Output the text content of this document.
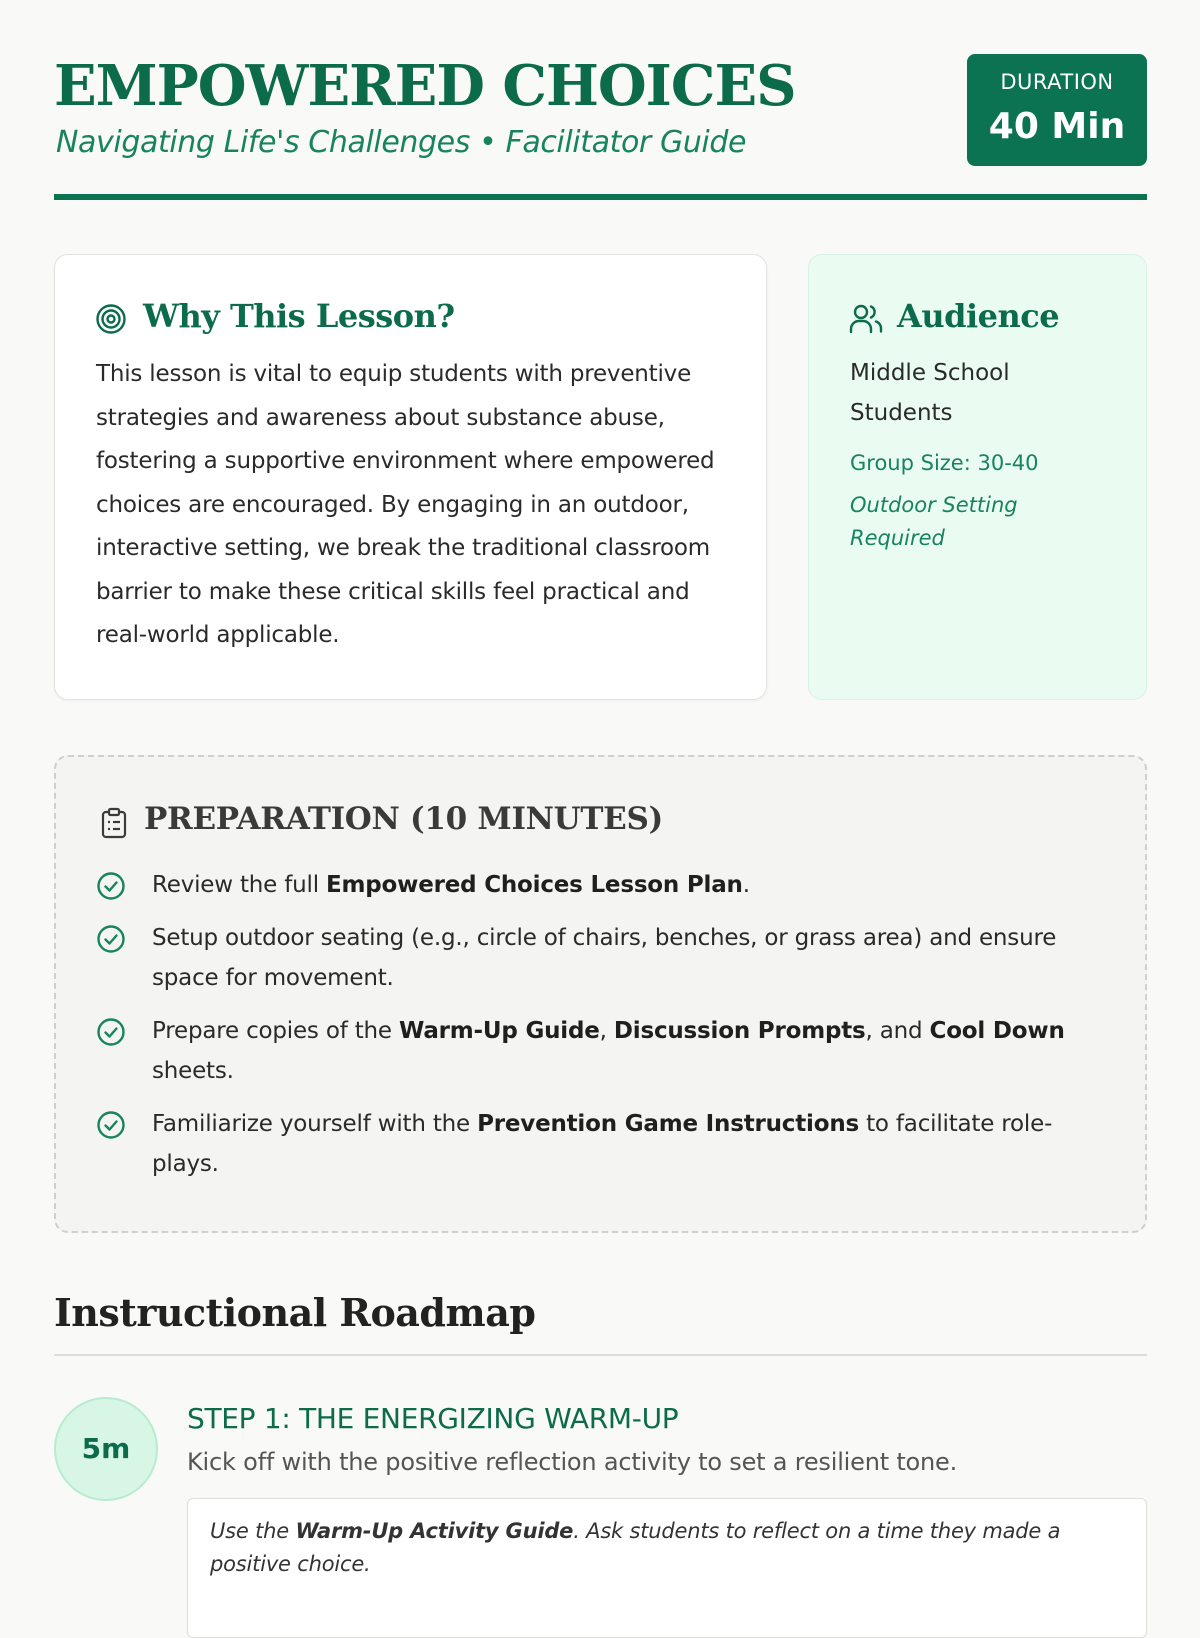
EMPOWERED CHOICES
Navigating Life's Challenges • Facilitator Guide
DURATION
40 Min
Why This Lesson?

This lesson is vital to equip students with preventive strategies and awareness about substance abuse, fostering a supportive environment where empowered choices are encouraged. By engaging in an outdoor, interactive setting, we break the traditional classroom barrier to make these critical skills feel practical and real-world applicable.

Audience
Middle School Students
Group Size: 30-40
Outdoor Setting Required
PREPARATION (10 MINUTES)
Review the full Empowered Choices Lesson Plan.
Setup outdoor seating (e.g., circle of chairs, benches, or grass area) and ensure space for movement.
Prepare copies of the Warm-Up Guide, Discussion Prompts, and Cool Down sheets.
Familiarize yourself with the Prevention Game Instructions to facilitate role-plays.
Instructional Roadmap
5m
STEP 1: THE ENERGIZING WARM-UP
Kick off with the positive reflection activity to set a resilient tone.

Use the Warm-Up Activity Guide. Ask students to reflect on a time they made a positive choice.
